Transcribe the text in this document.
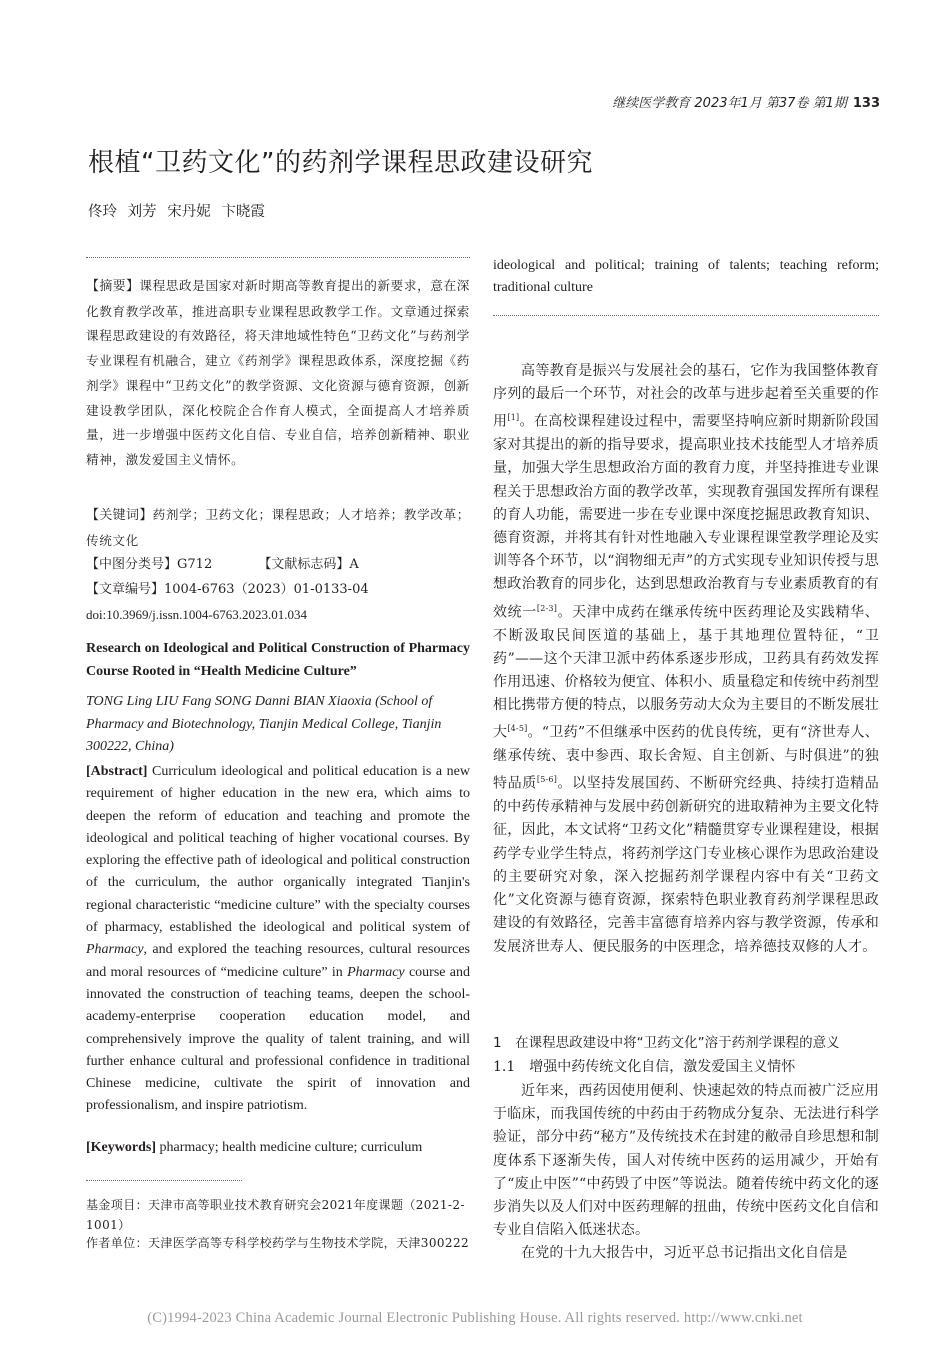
继续医学教育 2023年1月 第37卷 第1期 133
根植“卫药文化”的药剂学课程思政建设研究
佟玲 刘芳 宋丹妮 卞晓霞
【摘要】课程思政是国家对新时期高等教育提出的新要求，意在深化教育教学改革，推进高职专业课程思政教学工作。文章通过探索课程思政建设的有效路径，将天津地域性特色“卫药文化”与药剂学专业课程有机融合，建立《药剂学》课程思政体系，深度挖掘《药剂学》课程中“卫药文化”的教学资源、文化资源与德育资源，创新建设教学团队，深化校院企合作育人模式，全面提高人才培养质量，进一步增强中医药文化自信、专业自信，培养创新精神、职业精神，激发爱国主义情怀。
【关键词】药剂学；卫药文化；课程思政；人才培养；教学改革；传统文化
【中图分类号】G712	【文献标志码】A
【文章编号】1004-6763（2023）01-0133-04
doi:10.3969/j.issn.1004-6763.2023.01.034
Research on Ideological and Political Construction of Pharmacy Course Rooted in “Health Medicine Culture”
TONG Ling LIU Fang SONG Danni BIAN Xiaoxia (School of Pharmacy and Biotechnology, Tianjin Medical College, Tianjin 300222, China)
[Abstract] Curriculum ideological and political education is a new requirement of higher education in the new era, which aims to deepen the reform of education and teaching and promote the ideological and political teaching of higher vocational courses. By exploring the effective path of ideological and political construction of the curriculum, the author organically integrated Tianjin's regional characteristic “medicine culture” with the specialty courses of pharmacy, established the ideological and political system of Pharmacy, and explored the teaching resources, cultural resources and moral resources of “medicine culture” in Pharmacy course and innovated the construction of teaching teams, deepen the school-academy-enterprise cooperation education model, and comprehensively improve the quality of talent training, and will further enhance cultural and professional confidence in traditional Chinese medicine, cultivate the spirit of innovation and professionalism, and inspire patriotism.
[Keywords] pharmacy; health medicine culture; curriculum
基金项目：天津市高等职业技术教育研究会2021年度课题（2021-2-1001）
作者单位：天津医学高等专科学校药学与生物技术学院，天津300222
ideological and political; training of talents; teaching reform; traditional culture

高等教育是振兴与发展社会的基石，它作为我国整体教育序列的最后一个环节，对社会的改革与进步起着至关重要的作用[1]。在高校课程建设过程中，需要坚持响应新时期新阶段国家对其提出的新的指导要求，提高职业技术技能型人才培养质量，加强大学生思想政治方面的教育力度，并坚持推进专业课程关于思想政治方面的教学改革，实现教育强国发挥所有课程的育人功能，需要进一步在专业课中深度挖掘思政教育知识、德育资源，并将其有针对性地融入专业课程课堂教学理论及实训等各个环节，以“润物细无声”的方式实现专业知识传授与思想政治教育的同步化，达到思想政治教育与专业素质教育的有效统一[2-3]。天津中成药在继承传统中医药理论及实践精华、不断汲取民间医道的基础上，基于其地理位置特征，“卫药”——这个天津卫派中药体系逐步形成，卫药具有药效发挥作用迅速、价格较为便宜、体积小、质量稳定和传统中药剂型相比携带方便的特点，以服务劳动大众为主要目的不断发展壮大[4-5]。“卫药”不但继承中医药的优良传统，更有“济世寿人、继承传统、衷中参西、取长舍短、自主创新、与时俱进”的独特品质[5-6]。以坚持发展国药、不断研究经典、持续打造精品的中药传承精神与发展中药创新研究的进取精神为主要文化特征，因此，本文试将“卫药文化”精髓贯穿专业课程建设，根据药学专业学生特点，将药剂学这门专业核心课作为思政治建设的主要研究对象，深入挖掘药剂学课程内容中有关“卫药文化”文化资源与德育资源，探索特色职业教育药剂学课程思政建设的有效路径，完善丰富德育培养内容与教学资源，传承和发展济世寿人、便民服务的中医理念，培养德技双修的人才。

1　在课程思政建设中将“卫药文化”溶于药剂学课程的意义
1.1　增强中药传统文化自信，激发爱国主义情怀

近年来，西药因使用便利、快速起效的特点而被广泛应用于临床，而我国传统的中药由于药物成分复杂、无法进行科学验证，部分中药“秘方”及传统技术在封建的敝帚自珍思想和制度体系下逐渐失传，国人对传统中医药的运用减少，开始有了“废止中医”“中药毁了中医”等说法。随着传统中药文化的逐步消失以及人们对中医药理解的扭曲，传统中医药文化自信和专业自信陷入低迷状态。

在党的十九大报告中，习近平总书记指出文化自信是

(C)1994-2023 China Academic Journal Electronic Publishing House. All rights reserved. http://www.cnki.net
